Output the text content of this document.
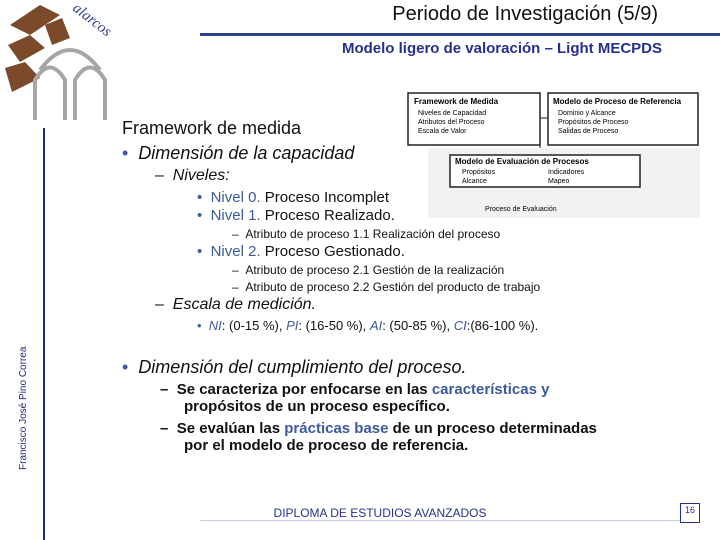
alarcos	Periodo de Investigación (5/9)
Modelo ligero de valoración – Light MECPDS
Francisco José Pino Correa
Framework de Medida
Niveles de Capacidad
Atributos del Proceso
Escala de Valor
Modelo de Proceso de Referencia
Dominio y Alcance
Propósitos de Proceso
Salidas de Proceso
Modelo de Evaluación de Procesos
Propósitos
Alcance
Indicadores
Mapeo
Proceso de Evaluación
Framework de medida
•  Dimensión de la capacidad
–  Niveles:
•  Nivel 0. Proceso Incomplet
•  Nivel 1. Proceso Realizado.
–  Atributo de proceso 1.1 Realización del proceso
•  Nivel 2. Proceso Gestionado.
–  Atributo de proceso 2.1 Gestión de la realización
–  Atributo de proceso 2.2 Gestión del producto de trabajo
–  Escala de medición.
•  NI: (0-15 %), PI: (16-50 %), AI: (50-85 %), CI:(86-100 %).
•  Dimensión del cumplimiento del proceso.
–  Se caracteriza por enfocarse en las características y
propósitos de un proceso específico.
–  Se evalúan las prácticas base de un proceso determinadas
por el modelo de proceso de referencia.
DIPLOMA DE ESTUDIOS AVANZADOS	16
